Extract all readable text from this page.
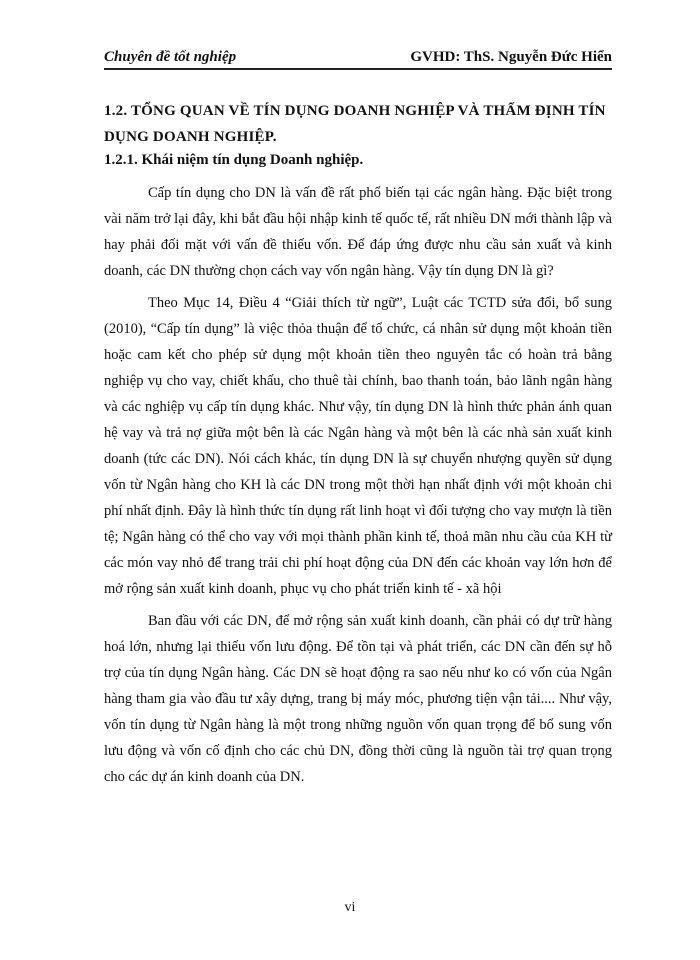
Chuyên đề tốt nghiệp	GVHD: ThS. Nguyễn Đức Hiển
1.2. TỔNG QUAN VỀ TÍN DỤNG DOANH NGHIỆP VÀ THẨM ĐỊNH TÍN DỤNG DOANH NGHIỆP.
1.2.1. Khái niệm tín dụng Doanh nghiệp.

Cấp tín dụng cho DN là vấn đề rất phổ biến tại các ngân hàng. Đặc biệt trong vài năm trở lại đây, khi bắt đầu hội nhập kinh tế quốc tế, rất nhiều DN mới thành lập và hay phải đối mặt với vấn đề thiếu vốn. Để đáp ứng được nhu cầu sản xuất và kinh doanh, các DN thường chọn cách vay vốn ngân hàng. Vậy tín dụng DN là gì?

Theo Mục 14, Điều 4 “Giải thích từ ngữ”, Luật các TCTD sửa đổi, bổ sung (2010), “Cấp tín dụng” là việc thỏa thuận để tổ chức, cá nhân sử dụng một khoản tiền hoặc cam kết cho phép sử dụng một khoản tiền theo nguyên tắc có hoàn trả bằng nghiệp vụ cho vay, chiết khấu, cho thuê tài chính, bao thanh toán, bảo lãnh ngân hàng và các nghiệp vụ cấp tín dụng khác. Như vậy, tín dụng DN là hình thức phản ánh quan hệ vay và trả nợ giữa một bên là các Ngân hàng và một bên là các nhà sản xuất kinh doanh (tức các DN). Nói cách khác, tín dụng DN là sự chuyển nhượng quyền sử dụng vốn từ Ngân hàng cho KH là các DN trong một thời hạn nhất định với một khoản chi phí nhất định. Đây là hình thức tín dụng rất linh hoạt vì đối tượng cho vay mượn là tiền tệ; Ngân hàng có thể cho vay với mọi thành phần kinh tế, thoả mãn nhu cầu của KH từ các món vay nhỏ để trang trải chi phí hoạt động của DN đến các khoản vay lớn hơn để mở rộng sản xuất kinh doanh, phục vụ cho phát triển kinh tế - xã hội

Ban đầu với các DN, để mở rộng sản xuất kinh doanh, cần phải có dự trữ hàng hoá lớn, nhưng lại thiếu vốn lưu động. Để tồn tại và phát triển, các DN cần đến sự hỗ trợ của tín dụng Ngân hàng. Các DN sẽ hoạt động ra sao nếu như ko có vốn của Ngân hàng tham gia vào đầu tư xây dựng, trang bị máy móc, phương tiện vận tải.... Như vậy, vốn tín dụng từ Ngân hàng là một trong những nguồn vốn quan trọng để bổ sung vốn lưu động và vốn cố định cho các chủ DN, đồng thời cũng là nguồn tài trợ quan trọng cho các dự án kinh doanh của DN.

vi
